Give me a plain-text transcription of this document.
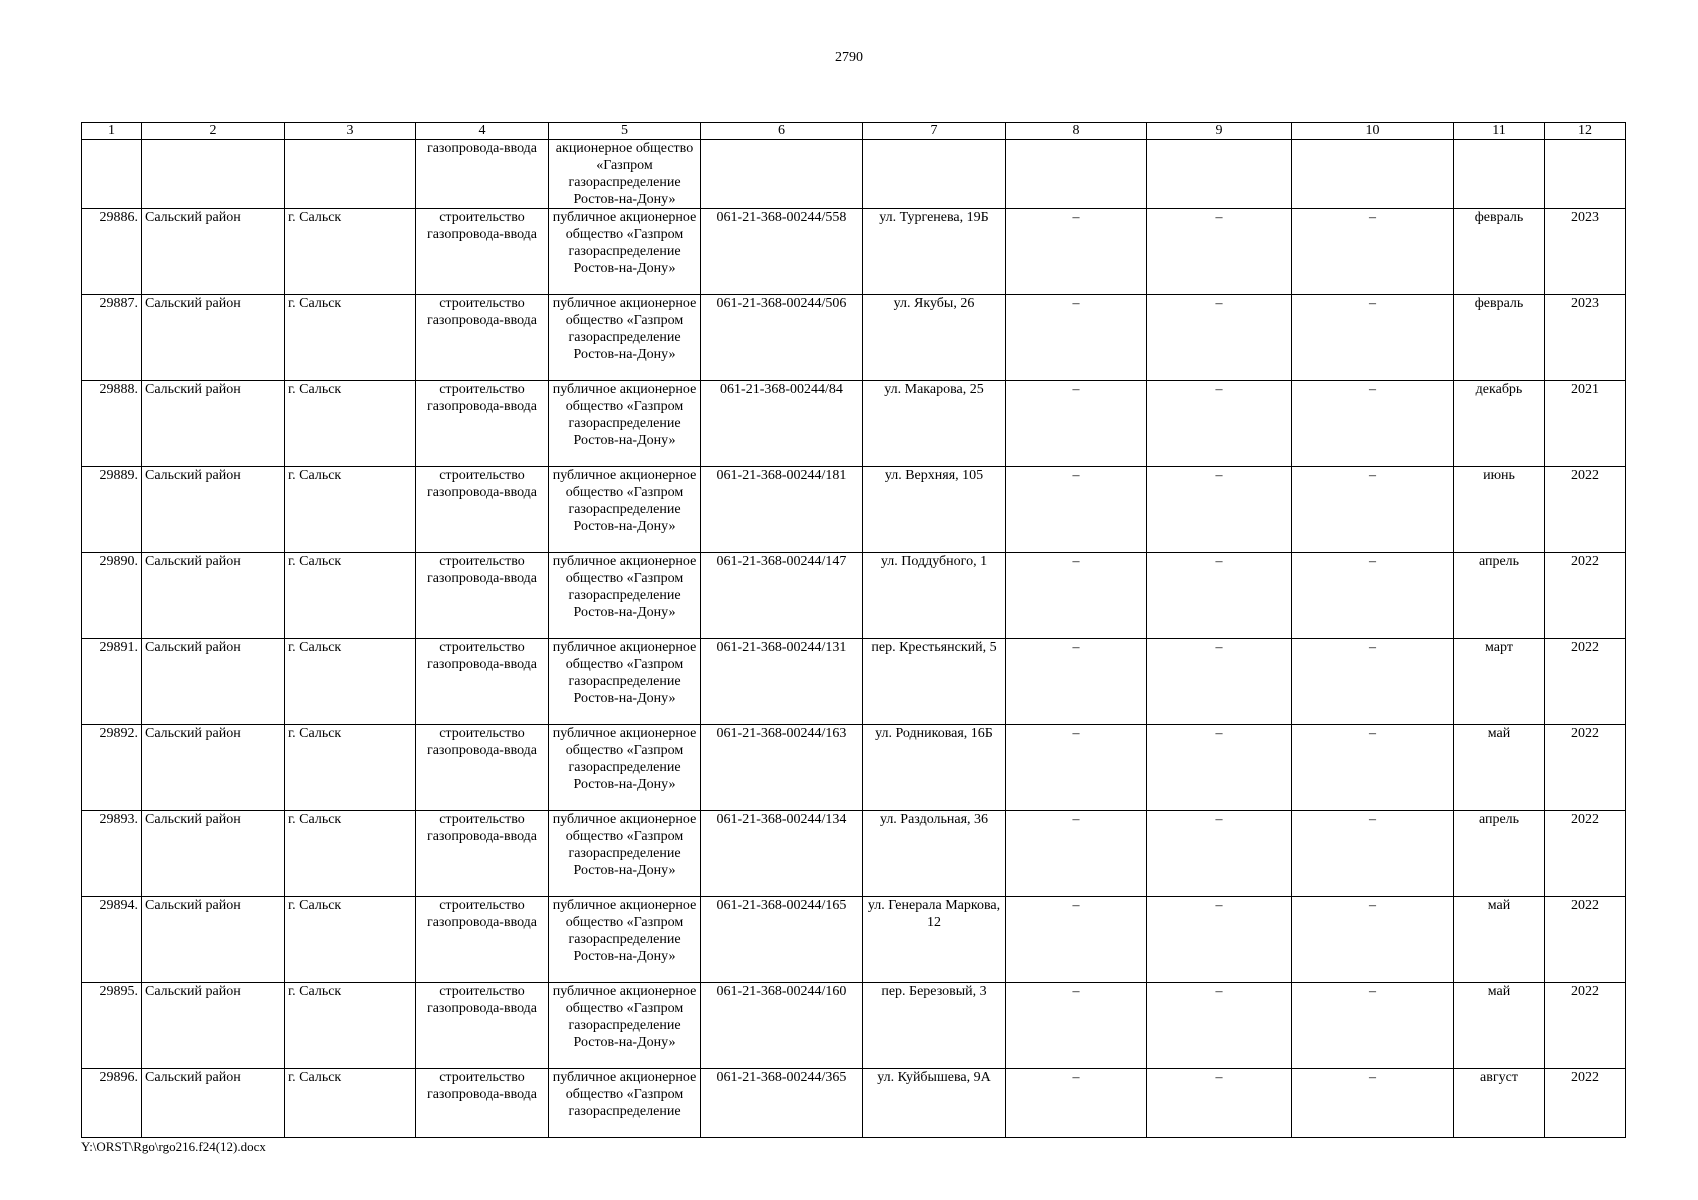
2790
1	2	3	4	5	6	7	8	9	10	11	12
			газопровода-ввода	акционерное общество «Газпром газораспределение Ростов-на-Дону»							
29886.	Сальский район	г. Сальск	строительство газопровода-ввода	публичное акционерное общество «Газпром газораспределение Ростов-на-Дону»	061-21-368-00244/558	ул. Тургенева, 19Б	–	–	–	февраль	2023
29887.	Сальский район	г. Сальск	строительство газопровода-ввода	публичное акционерное общество «Газпром газораспределение Ростов-на-Дону»	061-21-368-00244/506	ул. Якубы, 26	–	–	–	февраль	2023
29888.	Сальский район	г. Сальск	строительство газопровода-ввода	публичное акционерное общество «Газпром газораспределение Ростов-на-Дону»	061-21-368-00244/84	ул. Макарова, 25	–	–	–	декабрь	2021
29889.	Сальский район	г. Сальск	строительство газопровода-ввода	публичное акционерное общество «Газпром газораспределение Ростов-на-Дону»	061-21-368-00244/181	ул. Верхняя, 105	–	–	–	июнь	2022
29890.	Сальский район	г. Сальск	строительство газопровода-ввода	публичное акционерное общество «Газпром газораспределение Ростов-на-Дону»	061-21-368-00244/147	ул. Поддубного, 1	–	–	–	апрель	2022
29891.	Сальский район	г. Сальск	строительство газопровода-ввода	публичное акционерное общество «Газпром газораспределение Ростов-на-Дону»	061-21-368-00244/131	пер. Крестьянский, 5	–	–	–	март	2022
29892.	Сальский район	г. Сальск	строительство газопровода-ввода	публичное акционерное общество «Газпром газораспределение Ростов-на-Дону»	061-21-368-00244/163	ул. Родниковая, 16Б	–	–	–	май	2022
29893.	Сальский район	г. Сальск	строительство газопровода-ввода	публичное акционерное общество «Газпром газораспределение Ростов-на-Дону»	061-21-368-00244/134	ул. Раздольная, 36	–	–	–	апрель	2022
29894.	Сальский район	г. Сальск	строительство газопровода-ввода	публичное акционерное общество «Газпром газораспределение Ростов-на-Дону»	061-21-368-00244/165	ул. Генерала Маркова, 12	–	–	–	май	2022
29895.	Сальский район	г. Сальск	строительство газопровода-ввода	публичное акционерное общество «Газпром газораспределение Ростов-на-Дону»	061-21-368-00244/160	пер. Березовый, 3	–	–	–	май	2022
29896.	Сальский район	г. Сальск	строительство газопровода-ввода	публичное акционерное общество «Газпром газораспределение	061-21-368-00244/365	ул. Куйбышева, 9А	–	–	–	август	2022
Y:\ORST\Rgo\rgo216.f24(12).docx
